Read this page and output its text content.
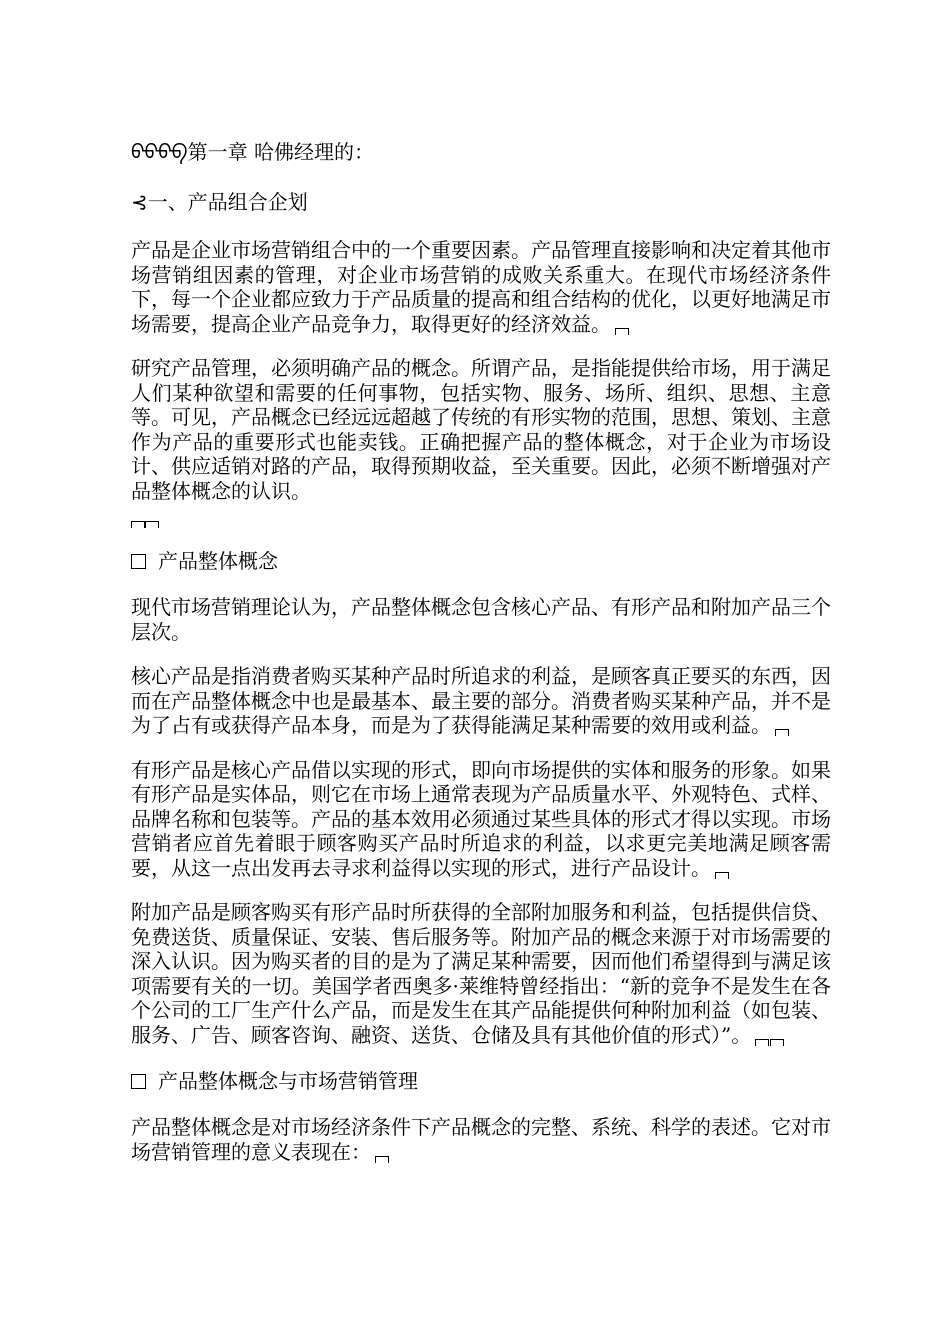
ᠪᠪᠪᠪ第一章 哈佛经理的：
⊰一、产品组合企划

产品是企业市场营销组合中的一个重要因素。产品管理直接影响和决定着其他市场营销组因素的管理，对企业市场营销的成败关系重大。在现代市场经济条件下，每一个企业都应致力于产品质量的提高和组合结构的优化，以更好地满足市场需要，提高企业产品竞争力，取得更好的经济效益。

研究产品管理，必须明确产品的概念。所谓产品，是指能提供给市场，用于满足人们某种欲望和需要的任何事物，包括实物、服务、场所、组织、思想、主意等。可见，产品概念已经远远超越了传统的有形实物的范围，思想、策划、主意作为产品的重要形式也能卖钱。正确把握产品的整体概念，对于企业为市场设计、供应适销对路的产品，取得预期收益，至关重要。因此，必须不断增强对产品整体概念的认识。

产品整体概念

现代市场营销理论认为，产品整体概念包含核心产品、有形产品和附加产品三个层次。

核心产品是指消费者购买某种产品时所追求的利益，是顾客真正要买的东西，因而在产品整体概念中也是最基本、最主要的部分。消费者购买某种产品，并不是为了占有或获得产品本身，而是为了获得能满足某种需要的效用或利益。

有形产品是核心产品借以实现的形式，即向市场提供的实体和服务的形象。如果有形产品是实体品，则它在市场上通常表现为产品质量水平、外观特色、式样、品牌名称和包装等。产品的基本效用必须通过某些具体的形式才得以实现。市场营销者应首先着眼于顾客购买产品时所追求的利益，以求更完美地满足顾客需要，从这一点出发再去寻求利益得以实现的形式，进行产品设计。

附加产品是顾客购买有形产品时所获得的全部附加服务和利益，包括提供信贷、免费送货、质量保证、安装、售后服务等。附加产品的概念来源于对市场需要的深入认识。因为购买者的目的是为了满足某种需要，因而他们希望得到与满足该项需要有关的一切。美国学者西奥多·莱维特曾经指出：“新的竞争不是发生在各个公司的工厂生产什么产品，而是发生在其产品能提供何种附加利益（如包装、服务、广告、顾客咨询、融资、送货、仓储及具有其他价值的形式）”。

产品整体概念与市场营销管理

产品整体概念是对市场经济条件下产品概念的完整、系统、科学的表述。它对市场营销管理的意义表现在：
